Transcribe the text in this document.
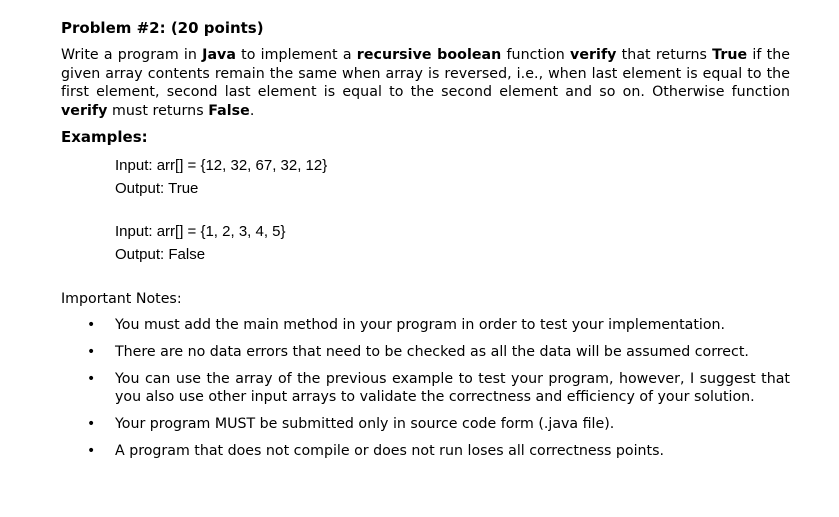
Problem #2: (20 points)

Write a program in Java to implement a recursive boolean function verify that returns True if the given array contents remain the same when array is reversed, i.e., when last element is equal to the first element, second last element is equal to the second element and so on. Otherwise function verify must returns False.

Examples:
Input: arr[] = {12, 32, 67, 32, 12}
Output: True
Input: arr[] = {1, 2, 3, 4, 5}
Output: False
Important Notes:
• You must add the main method in your program in order to test your implementation.
• There are no data errors that need to be checked as all the data will be assumed correct.
• You can use the array of the previous example to test your program, however, I suggest that you also use other input arrays to validate the correctness and efficiency of your solution.
• Your program MUST be submitted only in source code form (.java file).
• A program that does not compile or does not run loses all correctness points.
